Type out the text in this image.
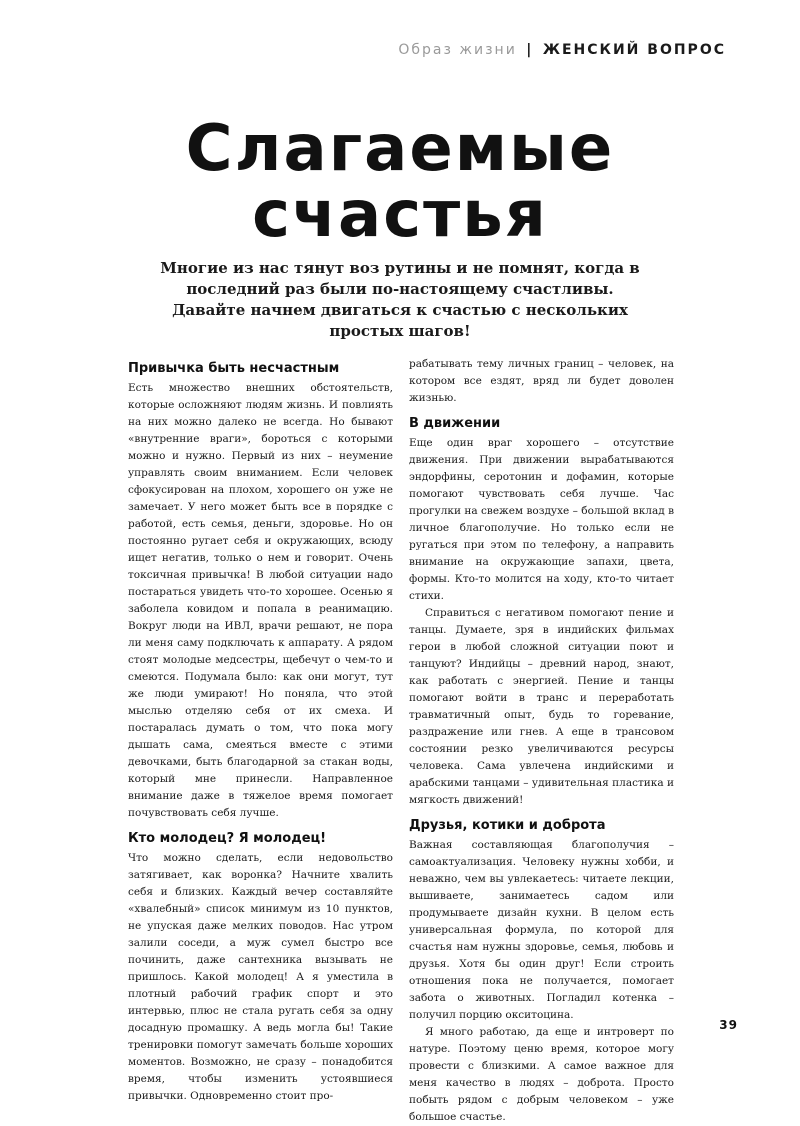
Образ жизни | ЖЕНСКИЙ ВОПРОС
Слагаемые
счастья
Многие из нас тянут воз рутины и не помнят, когда в последний раз были по-настоящему счастливы. Давайте начнем двигаться к счастью с нескольких простых шагов!
Привычка быть несчастным

Есть множество внешних обстоятельств, которые осложняют людям жизнь. И повлиять на них можно далеко не всегда. Но бывают «внутренние враги», бороться с которыми можно и нужно. Первый из них – неумение управлять своим вниманием. Если человек сфокусирован на плохом, хорошего он уже не замечает. У него может быть все в порядке с работой, есть семья, деньги, здоровье. Но он постоянно ругает себя и окружающих, всюду ищет негатив, только о нем и говорит. Очень токсичная привычка! В любой ситуации надо постараться увидеть что-то хорошее. Осенью я заболела ковидом и попала в реанимацию. Вокруг люди на ИВЛ, врачи решают, не пора ли меня саму подключать к аппарату. А рядом стоят молодые медсестры, щебечут о чем-то и смеются. Подумала было: как они могут, тут же люди умирают! Но поняла, что этой мыслью отделяю себя от их смеха. И постаралась думать о том, что пока могу дышать сама, смеяться вместе с этими девочками, быть благодарной за стакан воды, который мне принесли. Направленное внимание даже в тяжелое время помогает почувствовать себя лучше.

Кто молодец? Я молодец!

Что можно сделать, если недовольство затягивает, как воронка? Начните хвалить себя и близких. Каждый вечер составляйте «хвалебный» список минимум из 10 пунктов, не упуская даже мелких поводов. Нас утром залили соседи, а муж сумел быстро все починить, даже сантехника вызывать не пришлось. Какой молодец! А я уместила в плотный рабочий график спорт и это интервью, плюс не стала ругать себя за одну досадную промашку. А ведь могла бы! Такие тренировки помогут замечать больше хороших моментов. Возможно, не сразу – понадобится время, чтобы изменить устоявшиеся привычки. Одновременно стоит про-

рабатывать тему личных границ – человек, на котором все ездят, вряд ли будет доволен жизнью.

В движении

Еще один враг хорошего – отсутствие движения. При движении вырабатываются эндорфины, серотонин и дофамин, которые помогают чувствовать себя лучше. Час прогулки на свежем воздухе – большой вклад в личное благополучие. Но только если не ругаться при этом по телефону, а направить внимание на окружающие запахи, цвета, формы. Кто-то молится на ходу, кто-то читает стихи.

Справиться с негативом помогают пение и танцы. Думаете, зря в индийских фильмах герои в любой сложной ситуации поют и танцуют? Индийцы – древний народ, знают, как работать с энергией. Пение и танцы помогают войти в транс и переработать травматичный опыт, будь то горевание, раздражение или гнев. А еще в трансовом состоянии резко увеличиваются ресурсы человека. Сама увлечена индийскими и арабскими танцами – удивительная пластика и мягкость движений!

Друзья, котики и доброта

Важная составляющая благополучия – самоактуализация. Человеку нужны хобби, и неважно, чем вы увлекаетесь: читаете лекции, вышиваете, занимаетесь садом или продумываете дизайн кухни. В целом есть универсальная формула, по которой для счастья нам нужны здоровье, семья, любовь и друзья. Хотя бы один друг! Если строить отношения пока не получается, помогает забота о животных. Погладил котенка – получил порцию окситоцина.

Я много работаю, да еще и интроверт по натуре. Поэтому ценю время, которое могу провести с близкими. А самое важное для меня качество в людях – доброта. Просто побыть рядом с добрым человеком – уже большое счастье.

39
